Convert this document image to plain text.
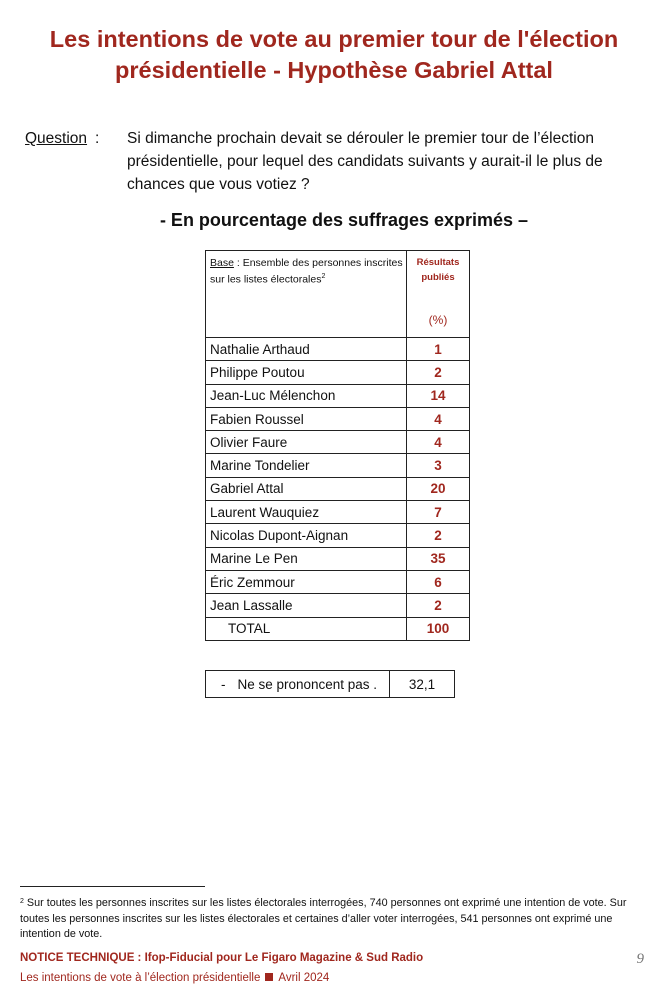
Les intentions de vote au premier tour de l'élection
présidentielle - Hypothèse Gabriel Attal
Question : Si dimanche prochain devait se dérouler le premier tour de l’élection présidentielle, pour lequel des candidats suivants y aurait-il le plus de chances que vous votiez ?
- En pourcentage des suffrages exprimés –
Base : Ensemble des personnes inscrites sur les listes électorales$^2$	Résultats
publiés
(%)

Nathalie Arthaud	1
Philippe Poutou	2
Jean-Luc Mélenchon	14
Fabien Roussel	4
Olivier Faure	4
Marine Tondelier	3
Gabriel Attal	20
Laurent Wauquiez	7
Nicolas Dupont-Aignan	2
Marine Le Pen	35
Éric Zemmour	6
Jean Lassalle	2
TOTAL	100
- Ne se prononcent pas .	32,1
$^2$ Sur toutes les personnes inscrites sur les listes électorales interrogées, 740 personnes ont exprimé une intention de vote. Sur toutes les personnes inscrites sur les listes électorales et certaines d’aller voter interrogées, 541 personnes ont exprimé une intention de vote.
NOTICE TECHNIQUE : Ifop-Fiducial pour Le Figaro Magazine & Sud Radio	9
Les intentions de vote à l’élection présidentielle Avril 2024
